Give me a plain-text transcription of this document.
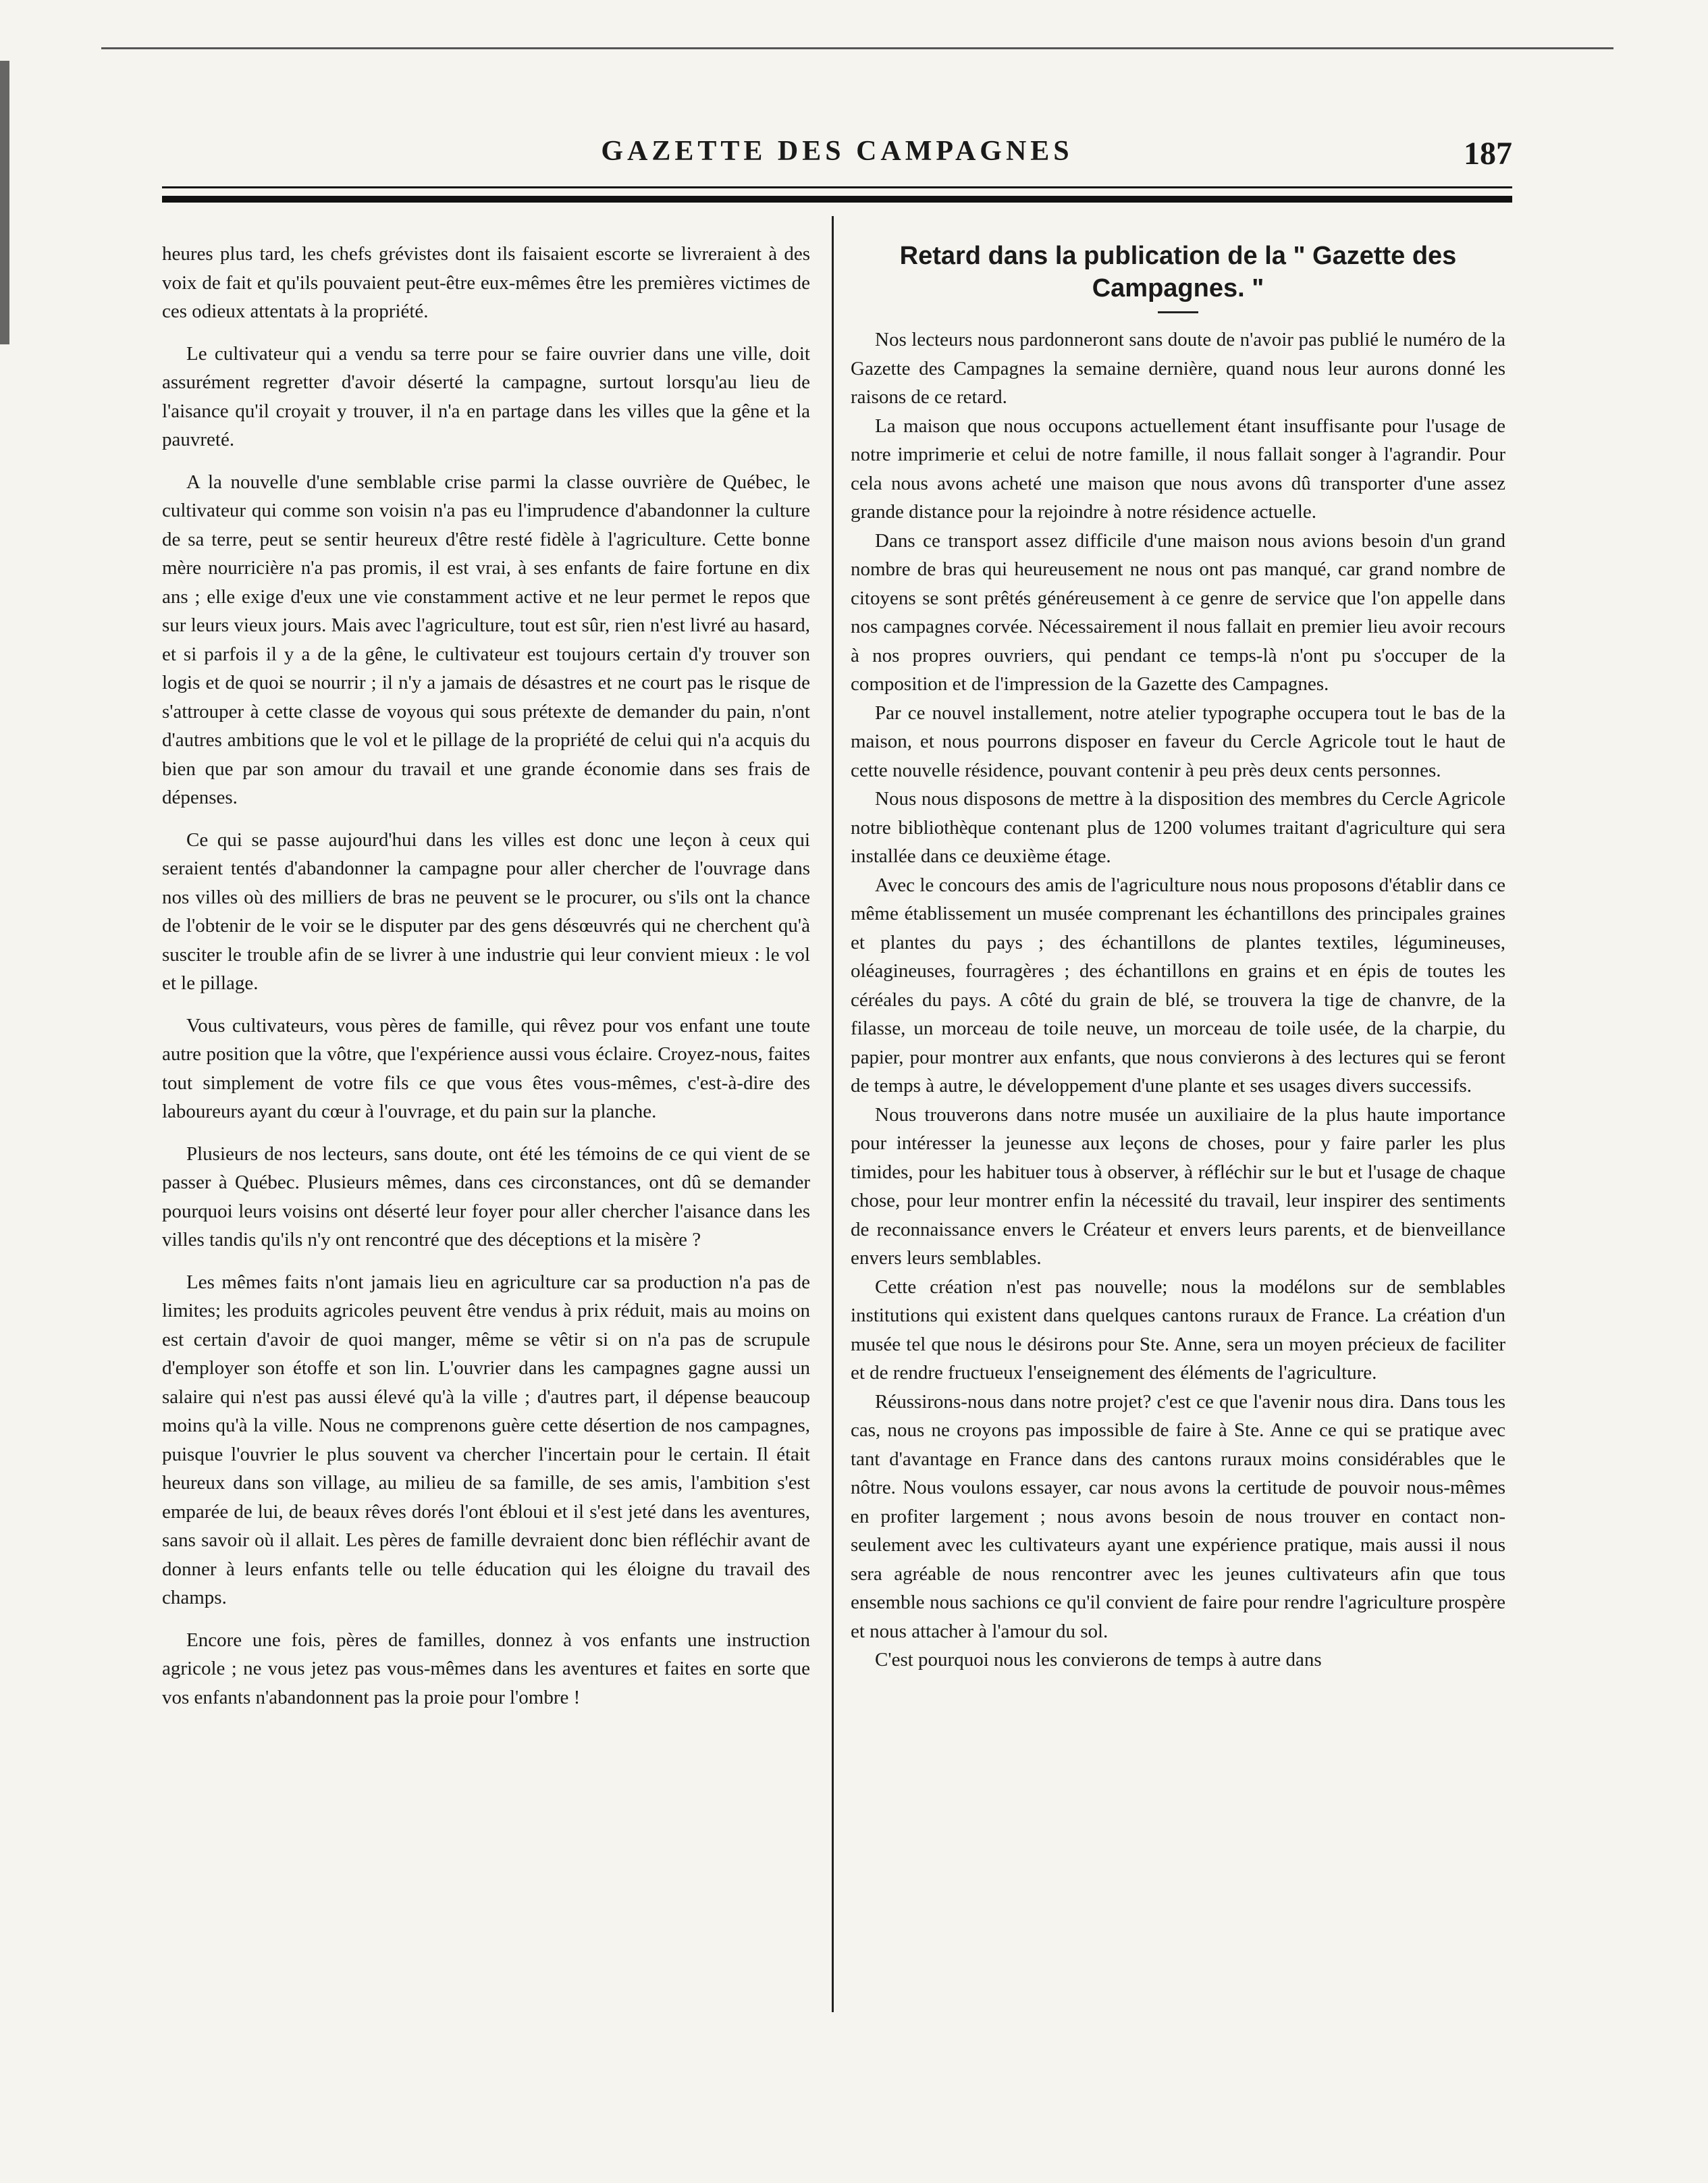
GAZETTE DES CAMPAGNES	187

heures plus tard, les chefs grévistes dont ils faisaient escorte se livreraient à des voix de fait et qu'ils pouvaient peut-être eux-mêmes être les premières victimes de ces odieux attentats à la propriété.

Le cultivateur qui a vendu sa terre pour se faire ouvrier dans une ville, doit assurément regretter d'avoir déserté la campagne, surtout lorsqu'au lieu de l'aisance qu'il croyait y trouver, il n'a en partage dans les villes que la gêne et la pauvreté.

A la nouvelle d'une semblable crise parmi la classe ouvrière de Québec, le cultivateur qui comme son voisin n'a pas eu l'imprudence d'abandonner la culture de sa terre, peut se sentir heureux d'être resté fidèle à l'agriculture. Cette bonne mère nourricière n'a pas promis, il est vrai, à ses enfants de faire fortune en dix ans ; elle exige d'eux une vie constamment active et ne leur permet le repos que sur leurs vieux jours. Mais avec l'agriculture, tout est sûr, rien n'est livré au hasard, et si parfois il y a de la gêne, le cultivateur est toujours certain d'y trouver son logis et de quoi se nourrir ; il n'y a jamais de désastres et ne court pas le risque de s'attrouper à cette classe de voyous qui sous prétexte de demander du pain, n'ont d'autres ambitions que le vol et le pillage de la propriété de celui qui n'a acquis du bien que par son amour du travail et une grande économie dans ses frais de dépenses.

Ce qui se passe aujourd'hui dans les villes est donc une leçon à ceux qui seraient tentés d'abandonner la campagne pour aller chercher de l'ouvrage dans nos villes où des milliers de bras ne peuvent se le procurer, ou s'ils ont la chance de l'obtenir de le voir se le disputer par des gens désœuvrés qui ne cherchent qu'à susciter le trouble afin de se livrer à une industrie qui leur convient mieux : le vol et le pillage.

Vous cultivateurs, vous pères de famille, qui rêvez pour vos enfant une toute autre position que la vôtre, que l'expérience aussi vous éclaire. Croyez-nous, faites tout simplement de votre fils ce que vous êtes vous-mêmes, c'est-à-dire des laboureurs ayant du cœur à l'ouvrage, et du pain sur la planche.

Plusieurs de nos lecteurs, sans doute, ont été les témoins de ce qui vient de se passer à Québec. Plusieurs mêmes, dans ces circonstances, ont dû se demander pourquoi leurs voisins ont déserté leur foyer pour aller chercher l'aisance dans les villes tandis qu'ils n'y ont rencontré que des déceptions et la misère ?

Les mêmes faits n'ont jamais lieu en agriculture car sa production n'a pas de limites; les produits agricoles peuvent être vendus à prix réduit, mais au moins on est certain d'avoir de quoi manger, même se vêtir si on n'a pas de scrupule d'employer son étoffe et son lin. L'ouvrier dans les campagnes gagne aussi un salaire qui n'est pas aussi élevé qu'à la ville ; d'autres part, il dépense beaucoup moins qu'à la ville. Nous ne comprenons guère cette désertion de nos campagnes, puisque l'ouvrier le plus souvent va chercher l'incertain pour le certain. Il était heureux dans son village, au milieu de sa famille, de ses amis, l'ambition s'est emparée de lui, de beaux rêves dorés l'ont ébloui et il s'est jeté dans les aventures, sans savoir où il allait. Les pères de famille devraient donc bien réfléchir avant de donner à leurs enfants telle ou telle éducation qui les éloigne du travail des champs.

Encore une fois, pères de familles, donnez à vos enfants une instruction agricole ; ne vous jetez pas vous-mêmes dans les aventures et faites en sorte que vos enfants n'abandonnent pas la proie pour l'ombre !

Retard dans la publication de la " Gazette des Campagnes. "

Nos lecteurs nous pardonneront sans doute de n'avoir pas publié le numéro de la Gazette des Campagnes la semaine dernière, quand nous leur aurons donné les raisons de ce retard.

La maison que nous occupons actuellement étant insuffisante pour l'usage de notre imprimerie et celui de notre famille, il nous fallait songer à l'agrandir. Pour cela nous avons acheté une maison que nous avons dû transporter d'une assez grande distance pour la rejoindre à notre résidence actuelle.

Dans ce transport assez difficile d'une maison nous avions besoin d'un grand nombre de bras qui heureusement ne nous ont pas manqué, car grand nombre de citoyens se sont prêtés généreusement à ce genre de service que l'on appelle dans nos campagnes corvée. Nécessairement il nous fallait en premier lieu avoir recours à nos propres ouvriers, qui pendant ce temps-là n'ont pu s'occuper de la composition et de l'impression de la Gazette des Campagnes.

Par ce nouvel installement, notre atelier typographe occupera tout le bas de la maison, et nous pourrons disposer en faveur du Cercle Agricole tout le haut de cette nouvelle résidence, pouvant contenir à peu près deux cents personnes.

Nous nous disposons de mettre à la disposition des membres du Cercle Agricole notre bibliothèque contenant plus de 1200 volumes traitant d'agriculture qui sera installée dans ce deuxième étage.

Avec le concours des amis de l'agriculture nous nous proposons d'établir dans ce même établissement un musée comprenant les échantillons des principales graines et plantes du pays ; des échantillons de plantes textiles, légumineuses, oléagineuses, fourragères ; des échantillons en grains et en épis de toutes les céréales du pays. A côté du grain de blé, se trouvera la tige de chanvre, de la filasse, un morceau de toile neuve, un morceau de toile usée, de la charpie, du papier, pour montrer aux enfants, que nous convierons à des lectures qui se feront de temps à autre, le développement d'une plante et ses usages divers successifs.

Nous trouverons dans notre musée un auxiliaire de la plus haute importance pour intéresser la jeunesse aux leçons de choses, pour y faire parler les plus timides, pour les habituer tous à observer, à réfléchir sur le but et l'usage de chaque chose, pour leur montrer enfin la nécessité du travail, leur inspirer des sentiments de reconnaissance envers le Créateur et envers leurs parents, et de bienveillance envers leurs semblables.

Cette création n'est pas nouvelle; nous la modélons sur de semblables institutions qui existent dans quelques cantons ruraux de France. La création d'un musée tel que nous le désirons pour Ste. Anne, sera un moyen précieux de faciliter et de rendre fructueux l'enseignement des éléments de l'agriculture.

Réussirons-nous dans notre projet? c'est ce que l'avenir nous dira. Dans tous les cas, nous ne croyons pas impossible de faire à Ste. Anne ce qui se pratique avec tant d'avantage en France dans des cantons ruraux moins considérables que le nôtre. Nous voulons essayer, car nous avons la certitude de pouvoir nous-mêmes en profiter largement ; nous avons besoin de nous trouver en contact non-seulement avec les cultivateurs ayant une expérience pratique, mais aussi il nous sera agréable de nous rencontrer avec les jeunes cultivateurs afin que tous ensemble nous sachions ce qu'il convient de faire pour rendre l'agriculture prospère et nous attacher à l'amour du sol.

C'est pourquoi nous les convierons de temps à autre dans
